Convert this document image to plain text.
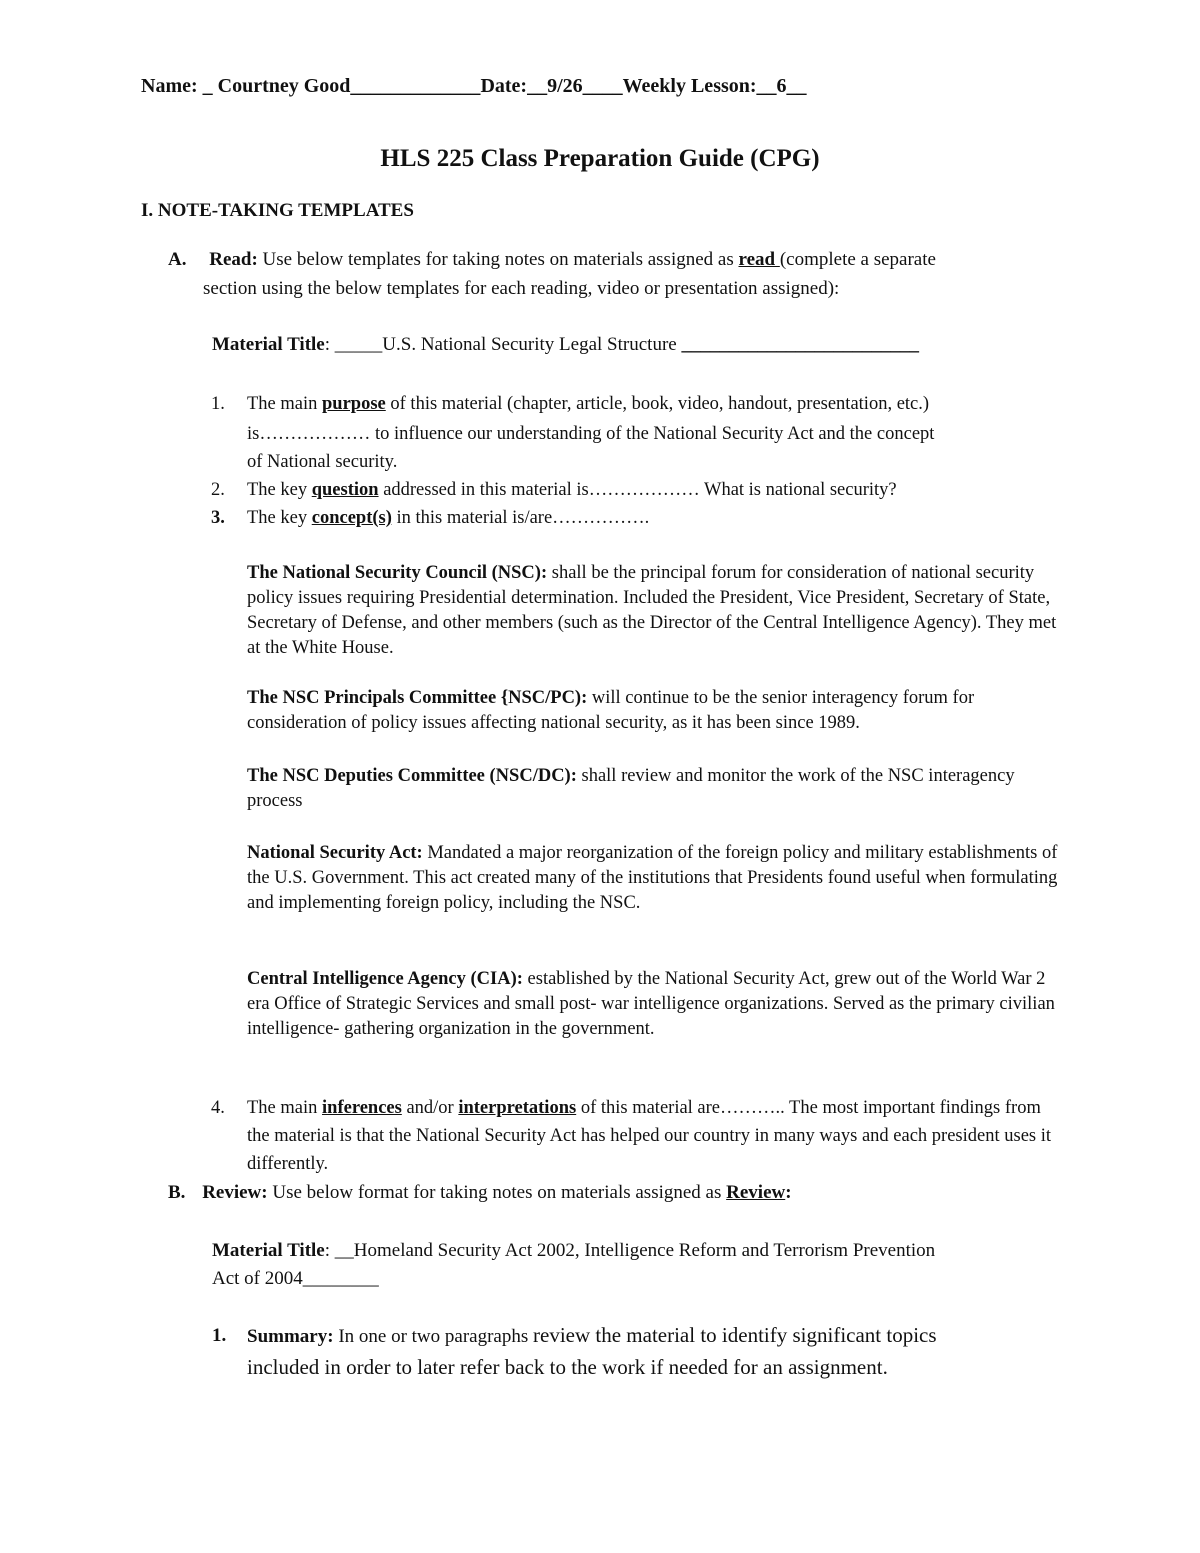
Name: _ Courtney Good_____________Date:__9/26____Weekly Lesson:__6__
HLS 225 Class Preparation Guide (CPG)
I. NOTE-TAKING TEMPLATES
A. Read: Use below templates for taking notes on materials assigned as read (complete a separate
section using the below templates for each reading, video or presentation assigned):
Material Title: _____U.S. National Security Legal Structure _________________________
1. The main purpose of this material (chapter, article, book, video, handout, presentation, etc.)
is……………… to influence our understanding of the National Security Act and the concept
of National security.
2. The key question addressed in this material is……………… What is national security?
3. The key concept(s) in this material is/are…………….
The National Security Council (NSC): shall be the principal forum for consideration of national security policy issues requiring Presidential determination. Included the President, Vice President, Secretary of State, Secretary of Defense, and other members (such as the Director of the Central Intelligence Agency). They met at the White House.
The NSC Principals Committee {NSC/PC): will continue to be the senior interagency forum for consideration of policy issues affecting national security, as it has been since 1989.
The NSC Deputies Committee (NSC/DC): shall review and monitor the work of the NSC interagency process
National Security Act: Mandated a major reorganization of the foreign policy and military establishments of the U.S. Government. This act created many of the institutions that Presidents found useful when formulating and implementing foreign policy, including the NSC.
Central Intelligence Agency (CIA): established by the National Security Act, grew out of the World War 2 era Office of Strategic Services and small post- war intelligence organizations. Served as the primary civilian intelligence- gathering organization in the government.
4. The main inferences and/or interpretations of this material are……….. The most important findings from the material is that the National Security Act has helped our country in many ways and each president uses it differently.
B. Review: Use below format for taking notes on materials assigned as Review:
Material Title: __Homeland Security Act 2002, Intelligence Reform and Terrorism Prevention
Act of 2004________
1. Summary: In one or two paragraphs review the material to identify significant topics
included in order to later refer back to the work if needed for an assignment.
